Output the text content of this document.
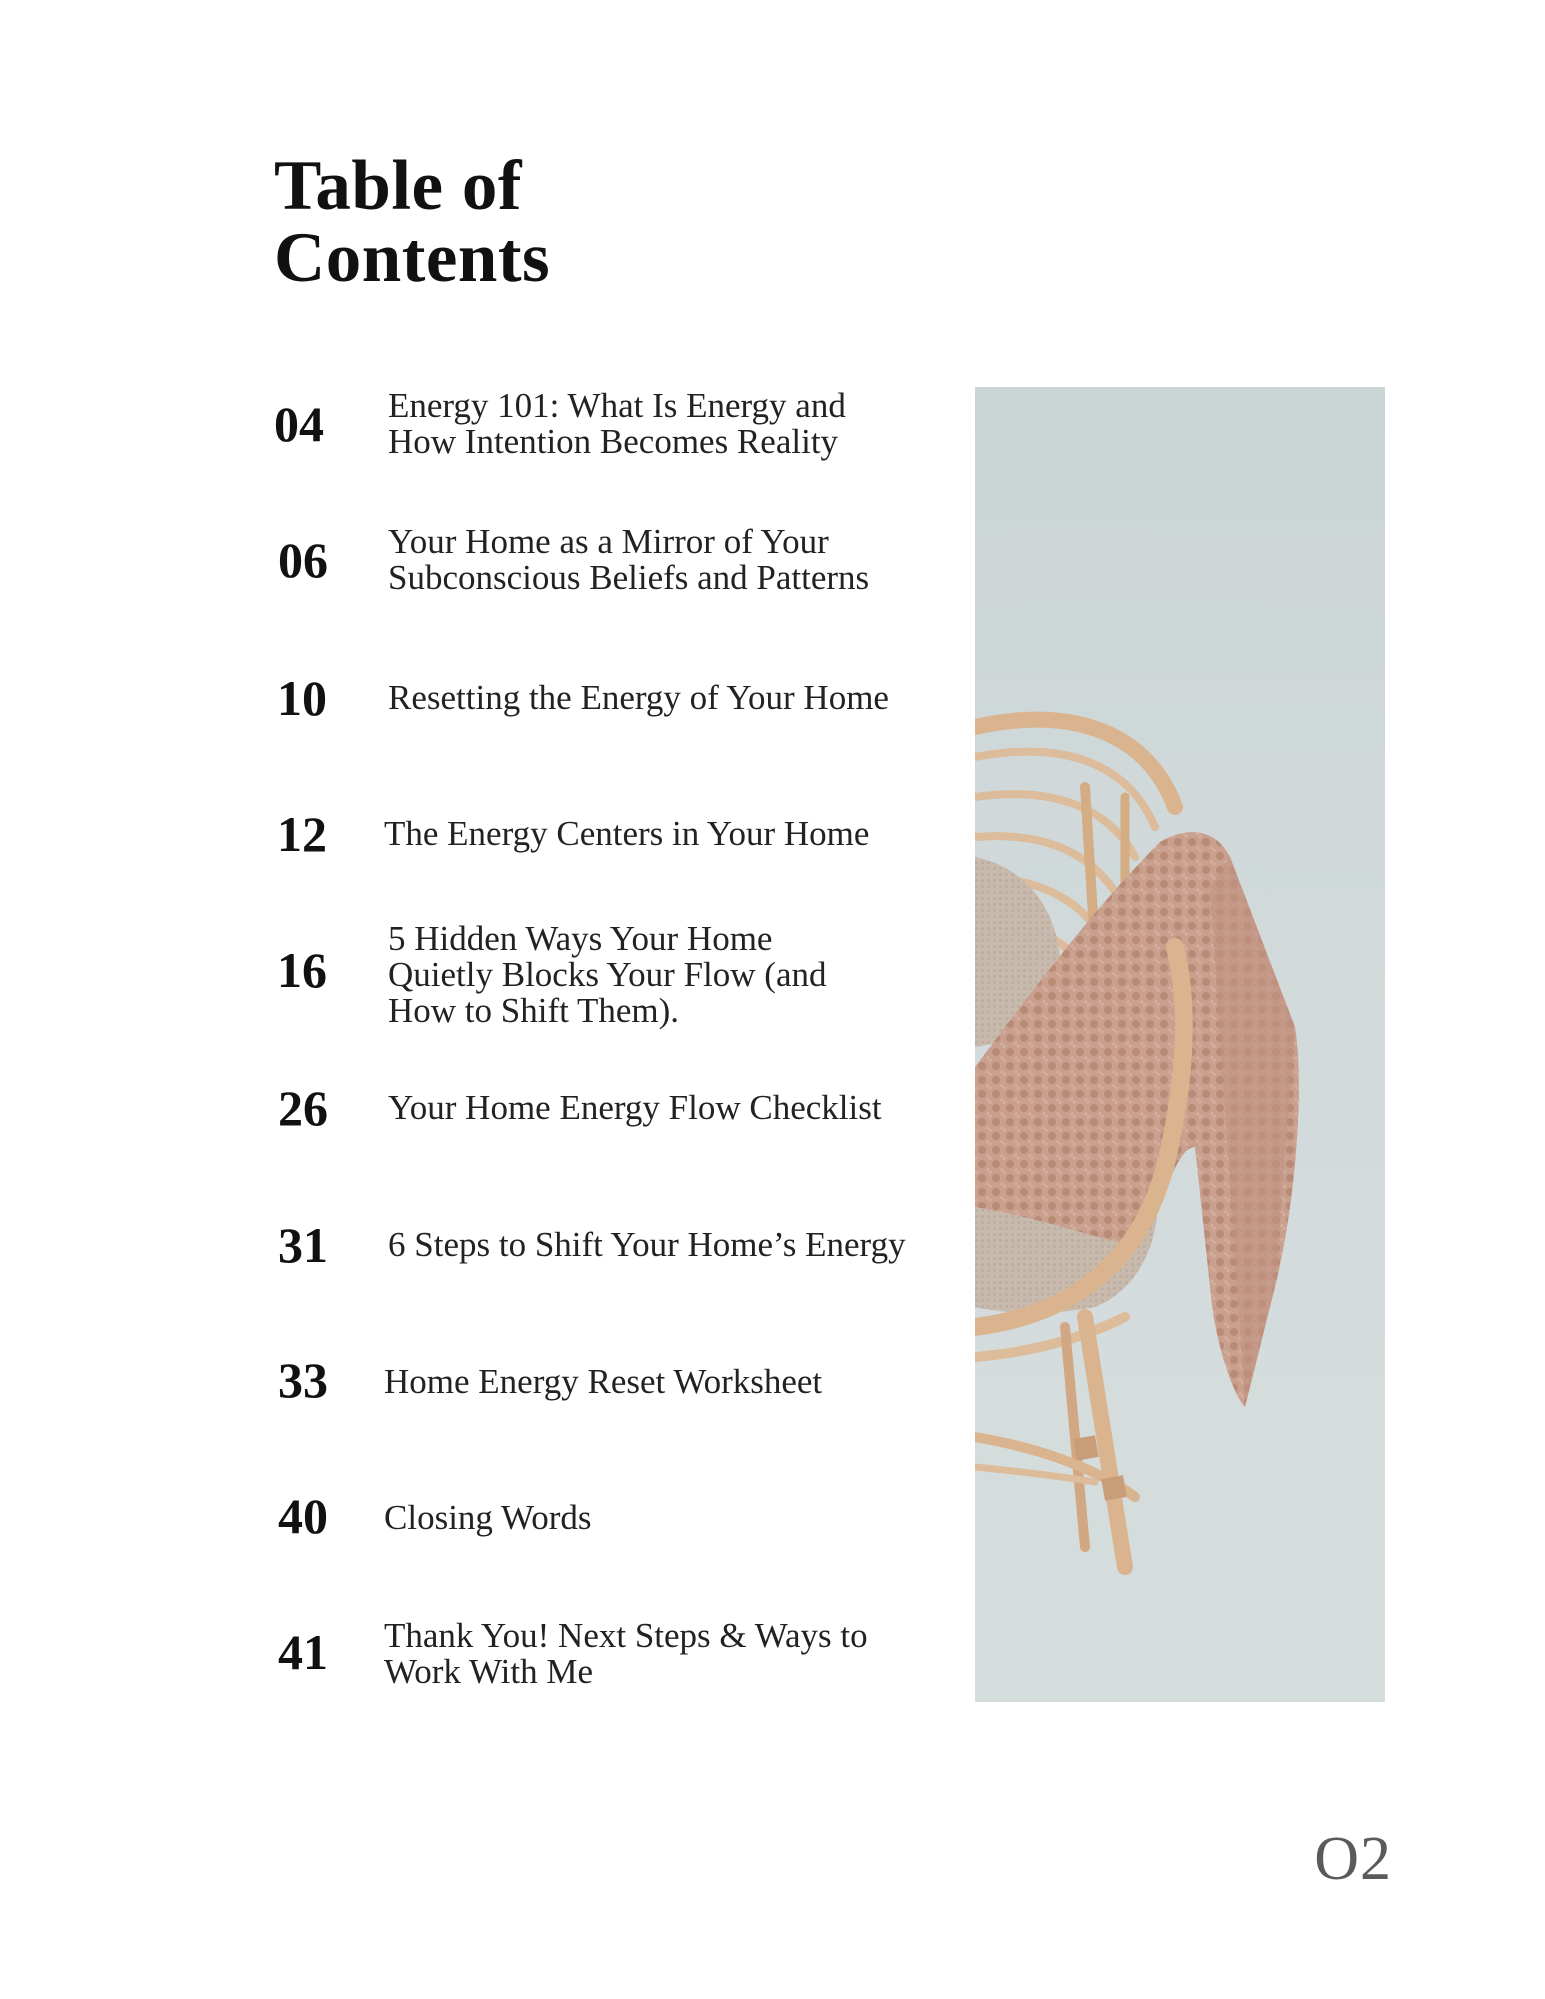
Table of
Contents
04 Energy 101: What Is Energy and
How Intention Becomes Reality
06 Your Home as a Mirror of Your
Subconscious Beliefs and Patterns
10 Resetting the Energy of Your Home
12 The Energy Centers in Your Home
16
5 Hidden Ways Your Home
Quietly Blocks Your Flow (and
How to Shift Them).
26 Your Home Energy Flow Checklist
31 6 Steps to Shift Your Home’s Energy
33 Home Energy Reset Worksheet
40 Closing Words
41 Thank You! Next Steps & Ways to
Work With Me
O2
